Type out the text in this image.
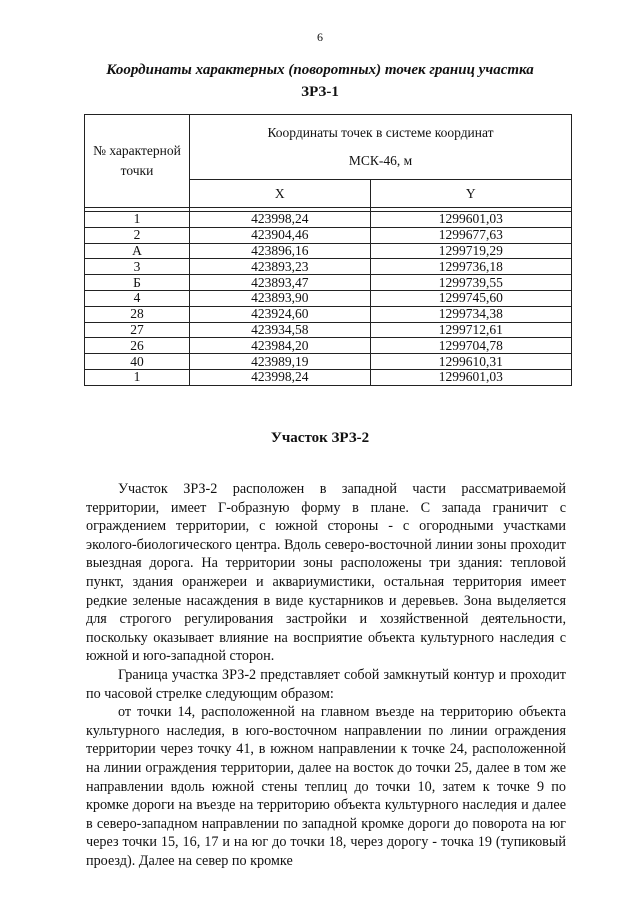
6
Координаты характерных (поворотных) точек границ участка
ЗРЗ-1
№ характерной точки	Координаты точек в системе координат
МСК-46, м	

	X	Y

1	423998,24	1299601,03
2	423904,46	1299677,63
А	423896,16	1299719,29
3	423893,23	1299736,18
Б	423893,47	1299739,55
4	423893,90	1299745,60
28	423924,60	1299734,38
27	423934,58	1299712,61
26	423984,20	1299704,78
40	423989,19	1299610,31
1	423998,24	1299601,03
Участок ЗРЗ-2

Участок ЗРЗ-2 расположен в западной части рассматриваемой территории, имеет Г-образную форму в плане. С запада граничит с ограждением территории, с южной стороны - с огородными участками эколого-биологического центра. Вдоль северо-восточной линии зоны проходит выездная дорога. На территории зоны расположены три здания: тепловой пункт, здания оранжереи и аквариумистики, остальная территория имеет редкие зеленые насаждения в виде кустарников и деревьев. Зона выделяется для строгого регулирования застройки и хозяйственной деятельности, поскольку оказывает влияние на восприятие объекта культурного наследия с южной и юго-западной сторон.

Граница участка ЗРЗ-2 представляет собой замкнутый контур и проходит по часовой стрелке следующим образом:

от точки 14, расположенной на главном въезде на территорию объекта культурного наследия, в юго-восточном направлении по линии ограждения территории через точку 41, в южном направлении к точке 24, расположенной на линии ограждения территории, далее на восток до точки 25, далее в том же направлении вдоль южной стены теплиц до точки 10, затем к точке 9 по кромке дороги на въезде на территорию объекта культурного наследия и далее в северо-западном направлении по западной кромке дороги до поворота на юг через точки 15, 16, 17 и на юг до точки 18, через дорогу - точка 19 (тупиковый проезд). Далее на север по кромке
